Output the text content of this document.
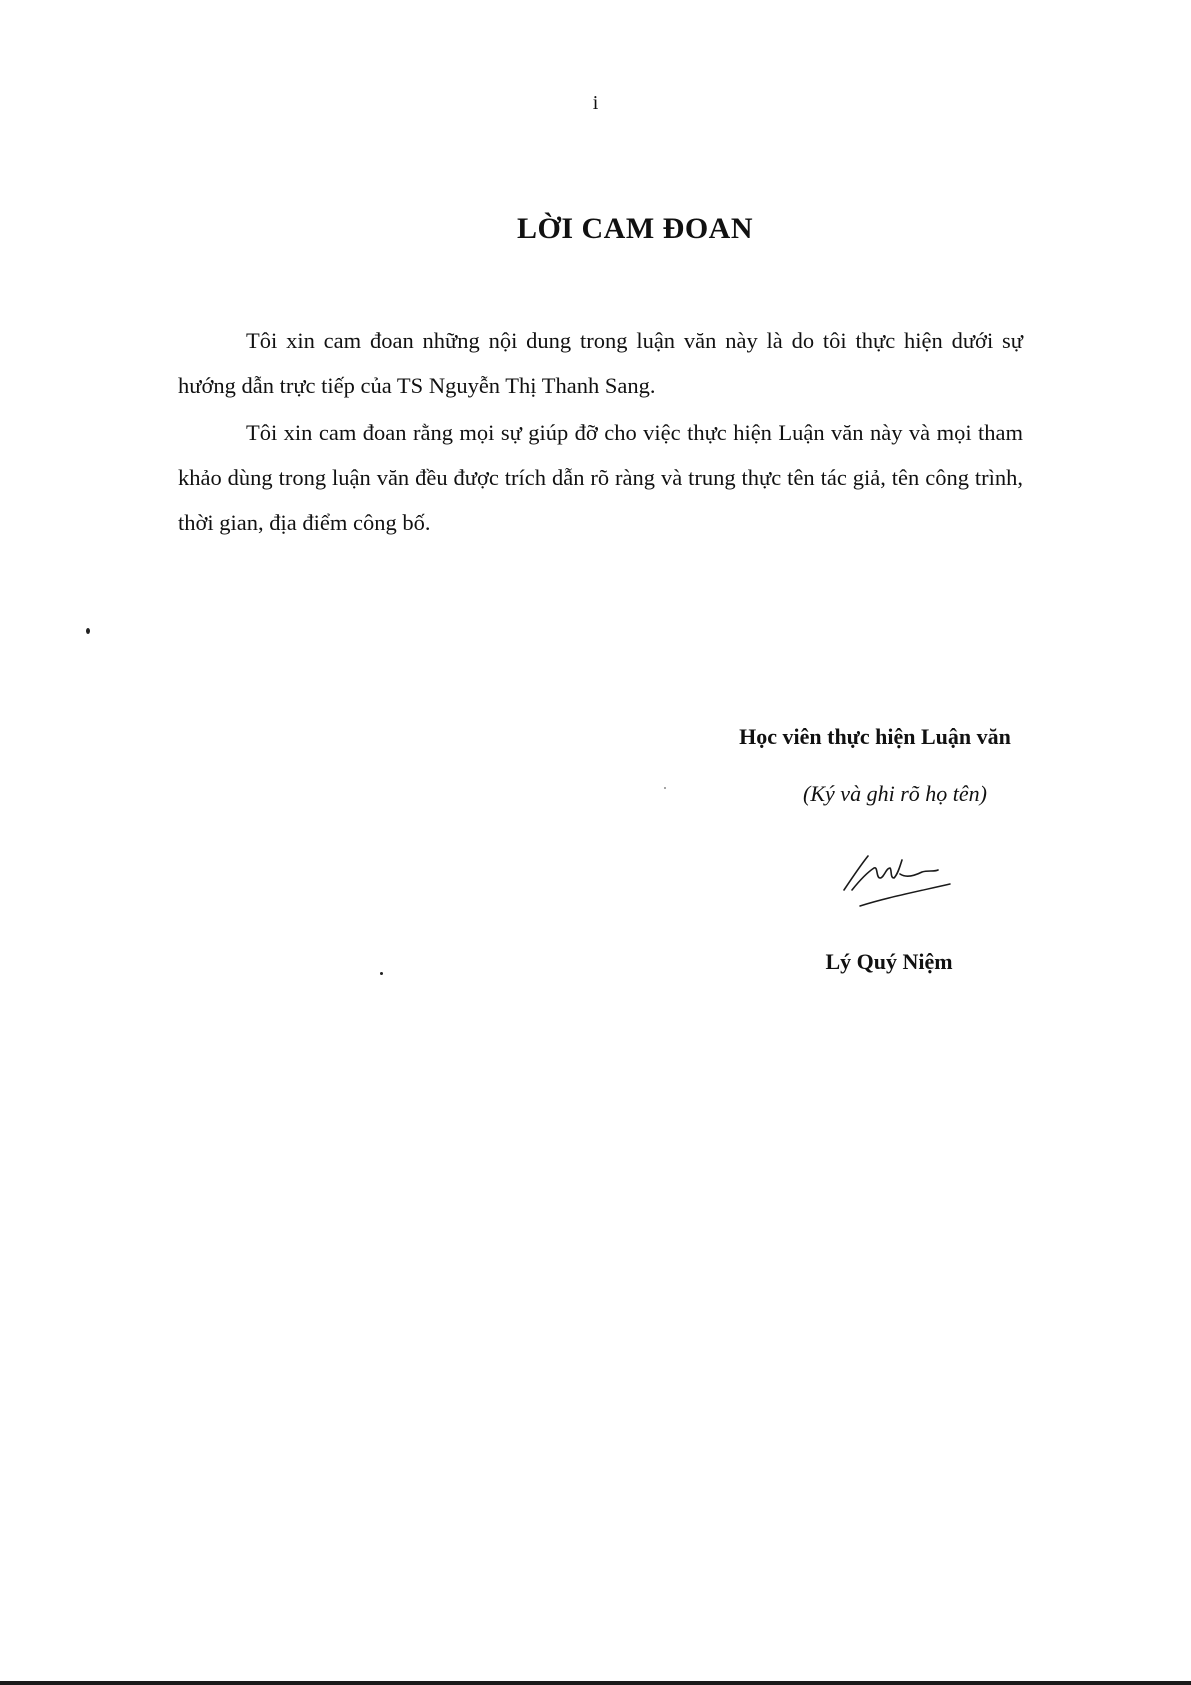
i
LỜI CAM ĐOAN

Tôi xin cam đoan những nội dung trong luận văn này là do tôi thực hiện dưới sự hướng dẫn trực tiếp của TS Nguyễn Thị Thanh Sang.

Tôi xin cam đoan rằng mọi sự giúp đỡ cho việc thực hiện Luận văn này và mọi tham khảo dùng trong luận văn đều được trích dẫn rõ ràng và trung thực tên tác giả, tên công trình, thời gian, địa điểm công bố.

Học viên thực hiện Luận văn
(Ký và ghi rõ họ tên)
Lý Quý Niệm
